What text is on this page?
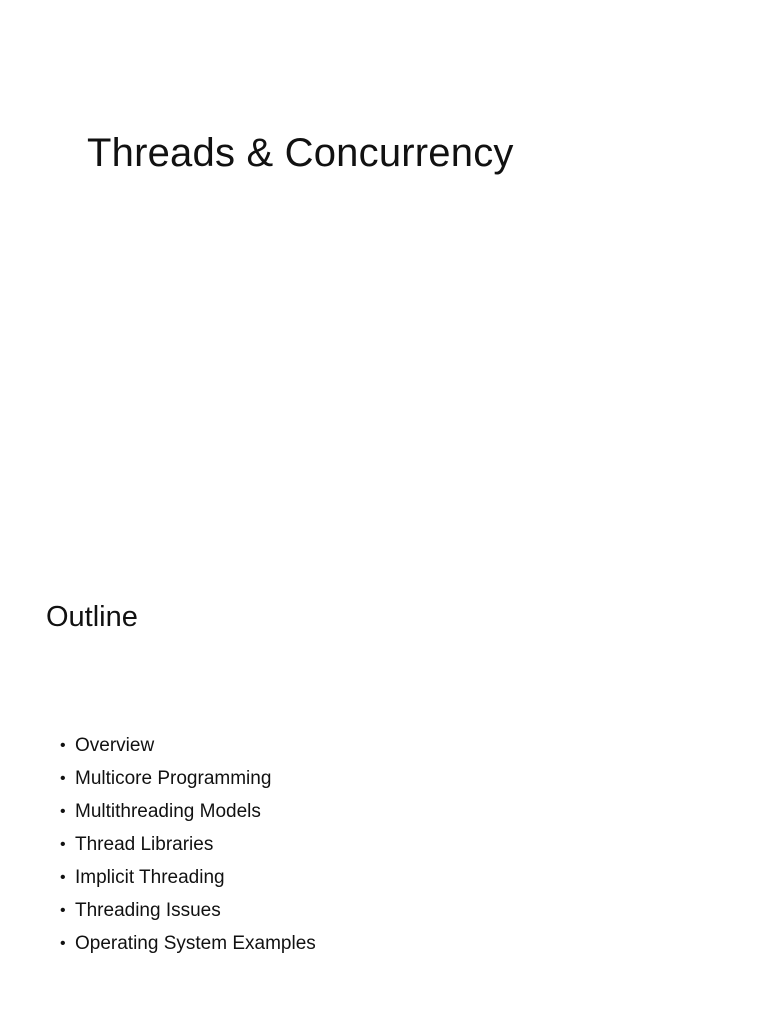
Threads & Concurrency
Outline
• Overview
• Multicore Programming
• Multithreading Models
• Thread Libraries
• Implicit Threading
• Threading Issues
• Operating System Examples
